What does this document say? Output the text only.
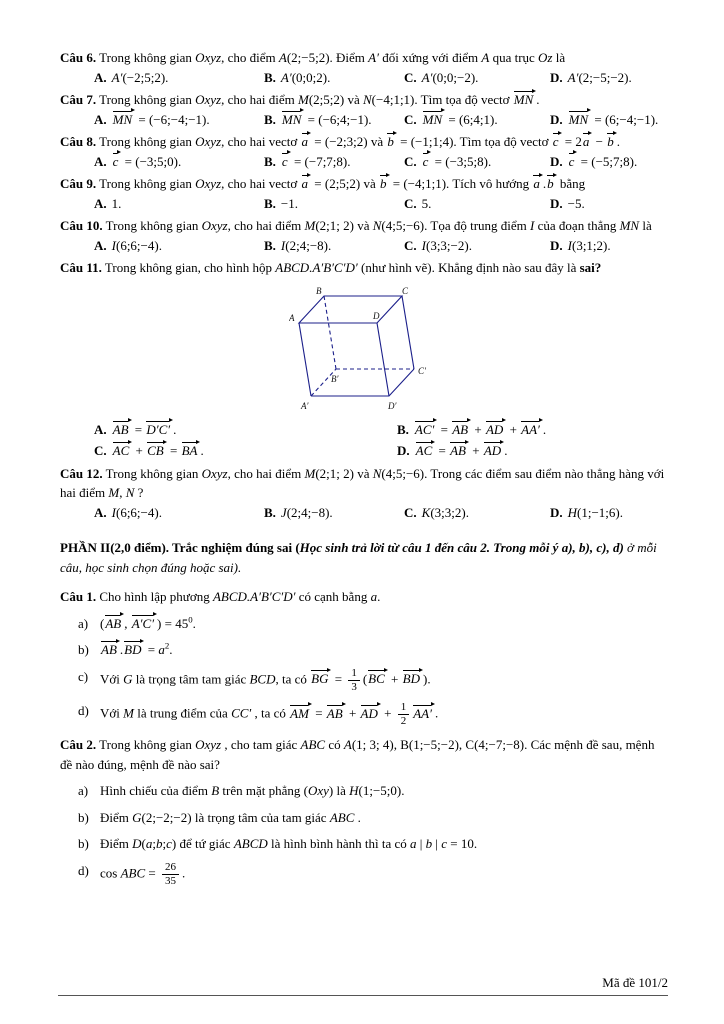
Câu 6. Trong không gian Oxyz, cho điểm A(2;−5;2). Điểm A′ đối xứng với điểm A qua trục Oz là

A. A′(−2;5;2).	B. A′(0;0;2).	C. A′(0;0;−2).	D. A′(2;−5;−2).

Câu 7. Trong không gian Oxyz, cho hai điểm M(2;5;2) và N(−4;1;1). Tìm tọa độ vectơ MN .

A. MN = (−6;−4;−1).	B. MN = (−6;4;−1).	C. MN = (6;4;1).	D. MN = (6;−4;−1).

Câu 8. Trong không gian Oxyz, cho hai vectơ a = (−2;3;2) và b = (−1;1;4). Tìm tọa độ vectơ c = 2a − b .

A. c = (−3;5;0).	B. c = (−7;7;8).	C. c = (−3;5;8).	D. c = (−5;7;8).

Câu 9. Trong không gian Oxyz, cho hai vectơ a = (2;5;2) và b = (−4;1;1). Tích vô hướng a .b bằng

A. 1.	B. −1.	C. 5.	D. −5.

Câu 10. Trong không gian Oxyz, cho hai điểm M(2;1; 2) và N(4;5;−6). Tọa độ trung điểm I của đoạn thẳng MN là

A. I(6;6;−4).	B. I(2;4;−8).	C. I(3;3;−2).	D. I(3;1;2).

Câu 11. Trong không gian, cho hình hộp ABCD.A′B′C′D′ (như hình vẽ). Khẳng định nào sau đây là sai?

B	C
A	D
B′
C′
A′	D′
A. AB = D′C′ .	B. AC′ = AB + AD + AA′ .
C. AC + CB = BA .	D. AC = AB + AD .

Câu 12. Trong không gian Oxyz, cho hai điểm M(2;1; 2) và N(4;5;−6). Trong các điểm sau điểm nào thẳng hàng với hai điểm M, N ?

A. I(6;6;−4).	B. J(2;4;−8).	C. K(3;3;2).	D. H(1;−1;6).

PHẦN II(2,0 điểm). Trắc nghiệm đúng sai (Học sinh trả lời từ câu 1 đến câu 2. Trong mỗi ý a), b), c), d) ở mỗi câu, học sinh chọn đúng hoặc sai).

Câu 1. Cho hình lập phương ABCD.A′B′C′D′ có cạnh bằng a.

a) (AB , A′C′ ) = $45^0$.
b) AB $.BD = a^2$.
c) Với G là trọng tâm tam giác BCD, ta có BG = $\frac{1}{3} (BC$ + BD ).
d) Với M là trung điểm của CC′ , ta có AM = AB + AD + $\frac{1}{2} AA'$ .

Câu 2. Trong không gian Oxyz , cho tam giác ABC có A(1; 3; 4), B(1;−5;−2), C(4;−7;−8). Các mệnh đề sau, mệnh đề nào đúng, mệnh đề nào sai?

a) Hình chiếu của điểm B trên mặt phẳng (Oxy) là H(1;−5;0).
b) Điểm G(2;−2;−2) là trọng tâm của tam giác ABC .
b) Điểm D(a;b;c) để tứ giác ABCD là hình bình hành thì ta có a | b | c = 10.
d) cos ABC = $\frac{26}{35}$ .
Mã đề 101/2
